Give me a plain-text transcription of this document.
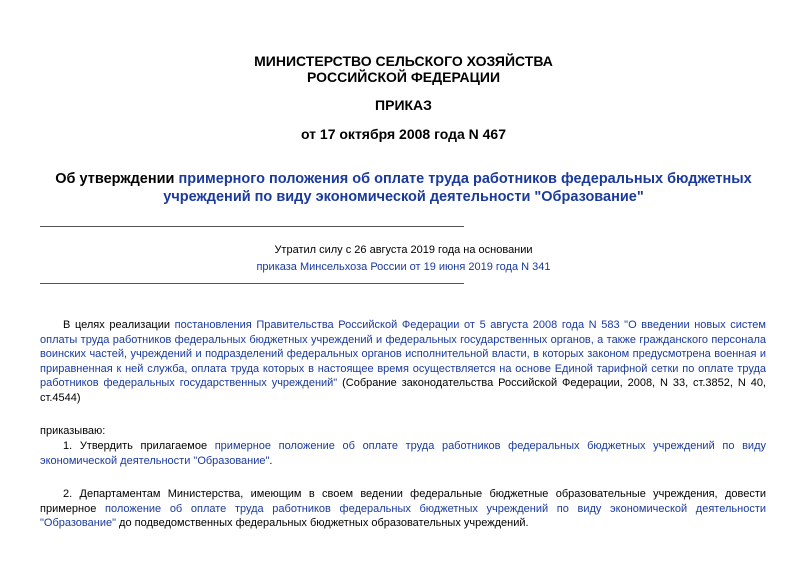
МИНИСТЕРСТВО СЕЛЬСКОГО ХОЗЯЙСТВА
РОССИЙСКОЙ ФЕДЕРАЦИИ
ПРИКАЗ
от 17 октября 2008 года N 467
Об утверждении примерного положения об оплате труда работников федеральных бюджетных учреждений по виду экономической деятельности "Образование"
Утратил силу с 26 августа 2019 года на основании
приказа Минсельхоза России от 19 июня 2019 года N 341
В целях реализации постановления Правительства Российской Федерации от 5 августа 2008 года N 583 "О введении новых систем оплаты труда работников федеральных бюджетных учреждений и федеральных государственных органов, а также гражданского персонала воинских частей, учреждений и подразделений федеральных органов исполнительной власти, в которых законом предусмотрена военная и приравненная к ней служба, оплата труда которых в настоящее время осуществляется на основе Единой тарифной сетки по оплате труда работников федеральных государственных учреждений" (Собрание законодательства Российской Федерации, 2008, N 33, ст.3852, N 40, ст.4544)
приказываю:
1. Утвердить прилагаемое примерное положение об оплате труда работников федеральных бюджетных учреждений по виду экономической деятельности "Образование".
2. Департаментам Министерства, имеющим в своем ведении федеральные бюджетные образовательные учреждения, довести примерное положение об оплате труда работников федеральных бюджетных учреждений по виду экономической деятельности "Образование" до подведомственных федеральных бюджетных образовательных учреждений.
